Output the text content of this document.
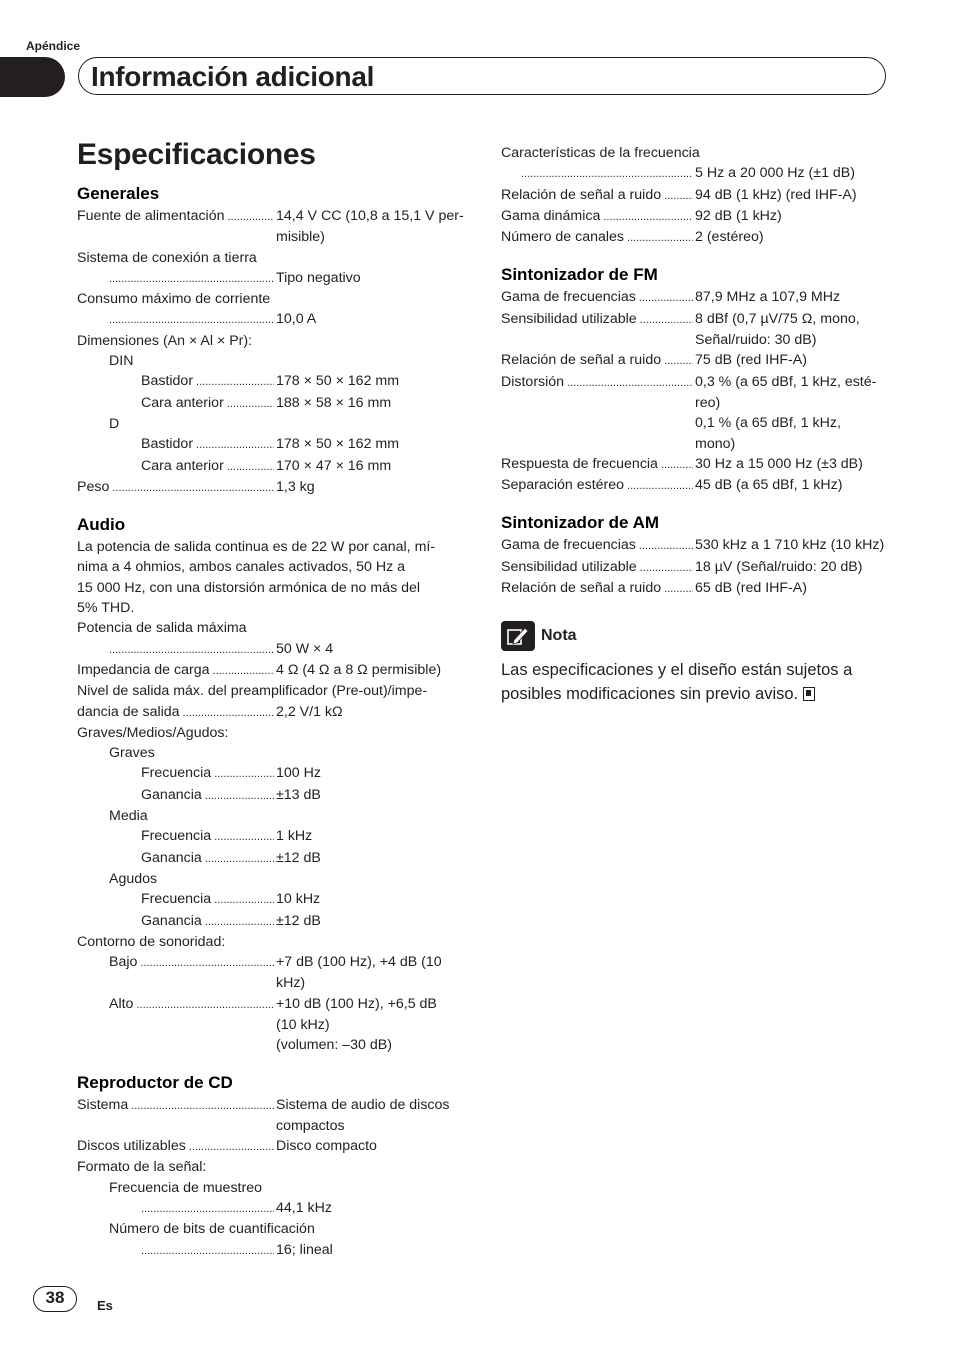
Apéndice
Información adicional
Especificaciones
Generales
Fuente de alimentación .....	14,4 V CC (10,8 a 15,1 V per-
misible)
Sistema de conexión a tierra
.....
Tipo negativo
Consumo máximo de corriente
.....
10,0 A
Dimensiones (An × Al × Pr):
DIN
Bastidor .....	178 × 50 × 162 mm
Cara anterior .....	188 × 58 × 16 mm
D
Bastidor .....	178 × 50 × 162 mm
Cara anterior .....	170 × 47 × 16 mm
Peso .....	1,3 kg
Audio
La potencia de salida continua es de 22 W por canal, mí-
nima a 4 ohmios, ambos canales activados, 50 Hz a
15 000 Hz, con una distorsión armónica de no más del
5% THD.
Potencia de salida máxima
.....
50 W × 4
Impedancia de carga .....	4 Ω (4 Ω a 8 Ω permisible)
Nivel de salida máx. del preamplificador (Pre-out)/impe-
dancia de salida .....	2,2 V/1 kΩ
Graves/Medios/Agudos:
Graves
Frecuencia .....	100 Hz
Ganancia .....	±13 dB
Media
Frecuencia .....	1 kHz
Ganancia .....	±12 dB
Agudos
Frecuencia .....	10 kHz
Ganancia .....	±12 dB
Contorno de sonoridad:
Bajo .....	+7 dB (100 Hz), +4 dB (10
kHz)
Alto .....	+10 dB (100 Hz), +6,5 dB
(10 kHz)
(volumen: –30 dB)
Reproductor de CD
Sistema .....	Sistema de audio de discos
compactos
Discos utilizables .....	Disco compacto
Formato de la señal:
Frecuencia de muestreo
.....
44,1 kHz
Número de bits de cuantificación
.....
16; lineal
Características de la frecuencia
.....
5 Hz a 20 000 Hz (±1 dB)
Relación de señal a ruido ..... 94 dB (1 kHz) (red IHF-A)
Gama dinámica .....	92 dB (1 kHz)
Número de canales .....	2 (estéreo)
Sintonizador de FM
Gama de frecuencias .....	87,9 MHz a 107,9 MHz
Sensibilidad utilizable .....	8 dBf (0,7 µV/75 Ω, mono,
Señal/ruido: 30 dB)
Relación de señal a ruido ..... 75 dB (red IHF-A)
Distorsión .....	0,3 % (a 65 dBf, 1 kHz, esté-
reo)
0,1 % (a 65 dBf, 1 kHz,
mono)
Respuesta de frecuencia .....	30 Hz a 15 000 Hz (±3 dB)
Separación estéreo .....	45 dB (a 65 dBf, 1 kHz)
Sintonizador de AM
Gama de frecuencias .....	530 kHz a 1 710 kHz (10 kHz)
Sensibilidad utilizable .....	18 µV (Señal/ruido: 20 dB)
Relación de señal a ruido ..... 65 dB (red IHF-A)
Nota
Las especificaciones y el diseño están sujetos a posibles modificaciones sin previo aviso.
38	Es
